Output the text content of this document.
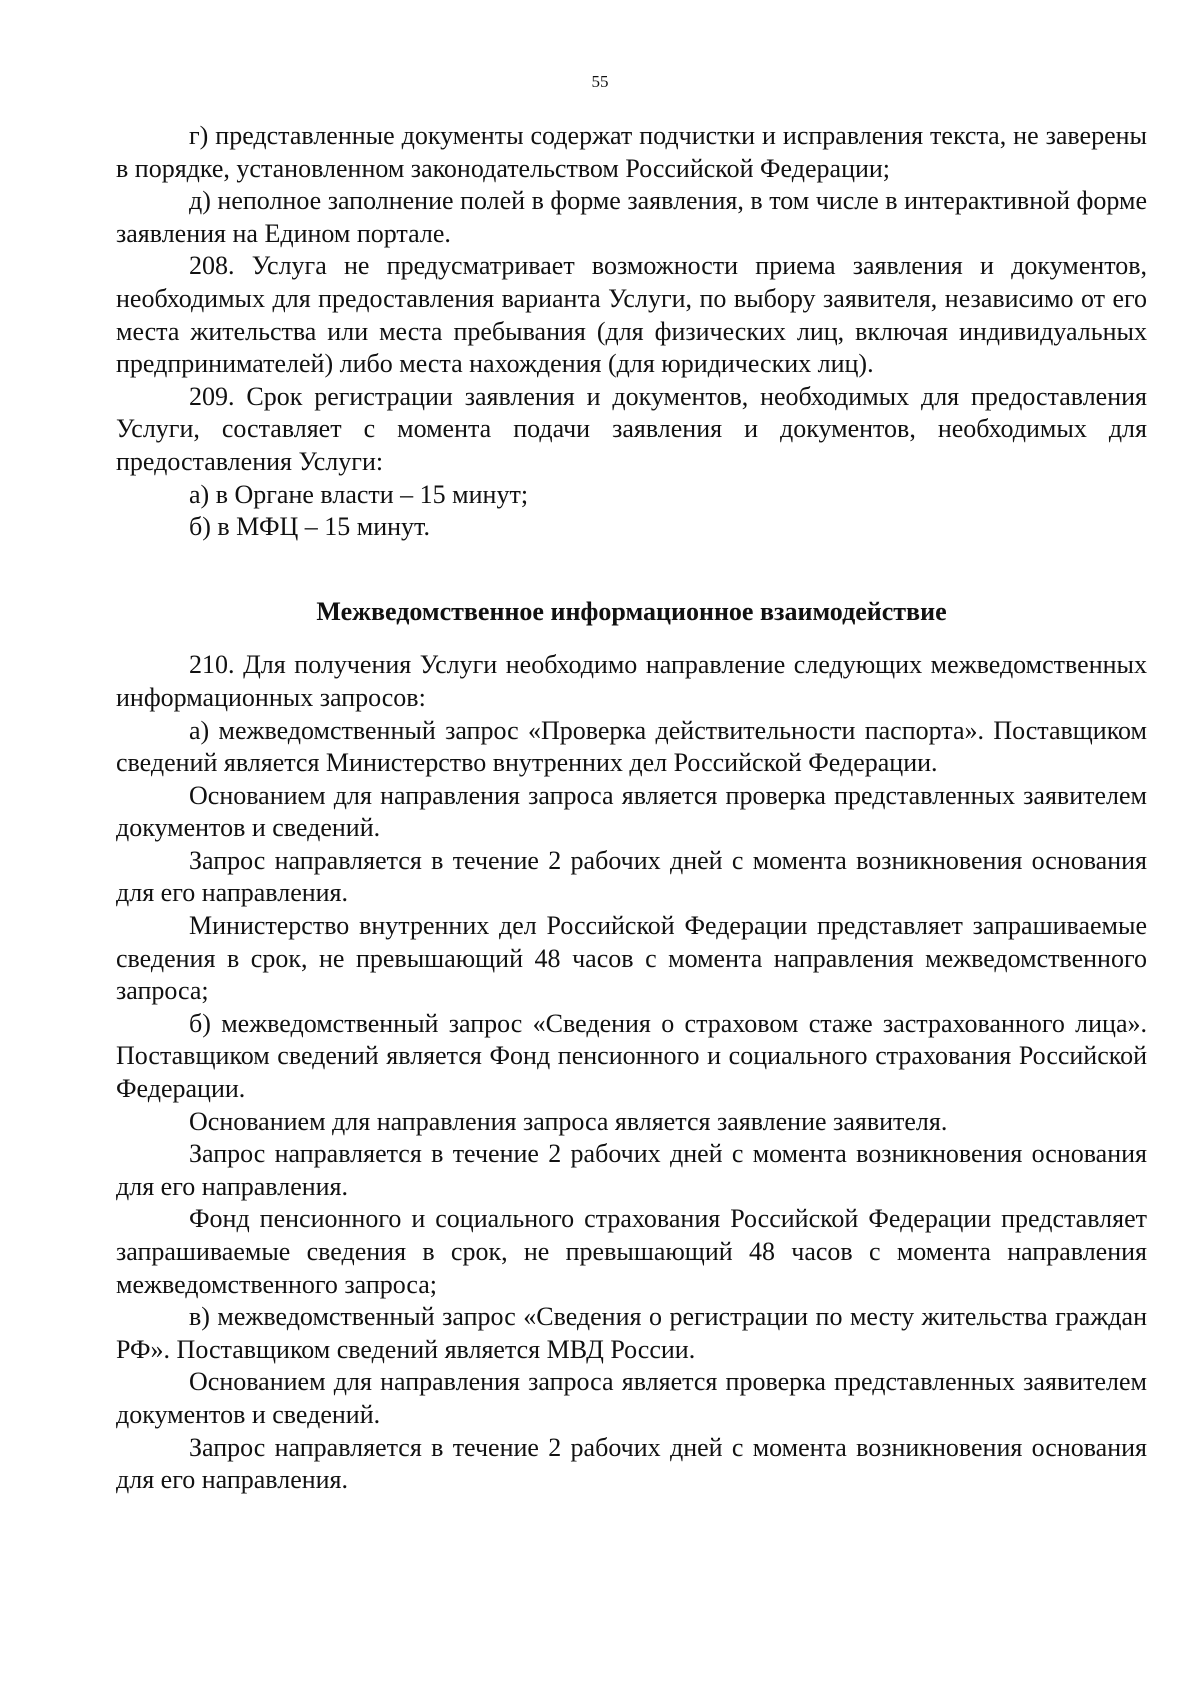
55

г) представленные документы содержат подчистки и исправления текста, не заверены в порядке, установленном законодательством Российской Федерации;

д) неполное заполнение полей в форме заявления, в том числе в интерактивной форме заявления на Едином портале.

208. Услуга не предусматривает возможности приема заявления и документов, необходимых для предоставления варианта Услуги, по выбору заявителя, независимо от его места жительства или места пребывания (для физических лиц, включая индивидуальных предпринимателей) либо места нахождения (для юридических лиц).

209. Срок регистрации заявления и документов, необходимых для предоставления Услуги, составляет с момента подачи заявления и документов, необходимых для предоставления Услуги:

а) в Органе власти – 15 минут;

б) в МФЦ – 15 минут.

Межведомственное информационное взаимодействие

210. Для получения Услуги необходимо направление следующих межведомственных информационных запросов:

а) межведомственный запрос «Проверка действительности паспорта». Поставщиком сведений является Министерство внутренних дел Российской Федерации.

Основанием для направления запроса является проверка представленных заявителем документов и сведений.

Запрос направляется в течение 2 рабочих дней с момента возникновения основания для его направления.

Министерство внутренних дел Российской Федерации представляет запрашиваемые сведения в срок, не превышающий 48 часов с момента направления межведомственного запроса;

б) межведомственный запрос «Сведения о страховом стаже застрахованного лица». Поставщиком сведений является Фонд пенсионного и социального страхования Российской Федерации.

Основанием для направления запроса является заявление заявителя.

Запрос направляется в течение 2 рабочих дней с момента возникновения основания для его направления.

Фонд пенсионного и социального страхования Российской Федерации представляет запрашиваемые сведения в срок, не превышающий 48 часов с момента направления межведомственного запроса;

в) межведомственный запрос «Сведения о регистрации по месту жительства граждан РФ». Поставщиком сведений является МВД России.

Основанием для направления запроса является проверка представленных заявителем документов и сведений.

Запрос направляется в течение 2 рабочих дней с момента возникновения основания для его направления.
